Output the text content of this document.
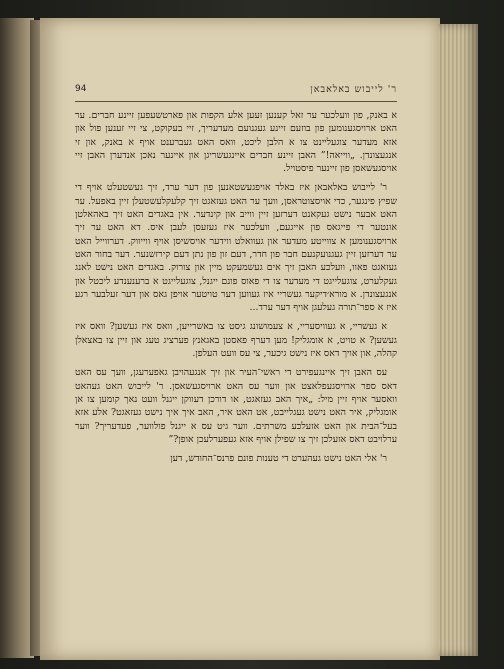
94	ר' לייבוש באלאבאן

א באנק, פון וועלכער ער זאל קענען זעען אלע הקפות און פארטשעפען זיינע חברים. ער האט ארויסגענומען פון בוזעם זיינע געגנועם מעדעריך, זיי בעקוקט, צי זיי זענען פול און אזא מעדער צוגעליינט צו א הלבן ליכט, וואס האט געברענט אויף א באנק, און זי אנגעצונדן. „ווייאה!” האבן זיינע חברים איינגעשריגן און איינער נאכן אנדערן האבן זיי אויסגעשאסן פון זיינער פיסטויל.

ר' לייבוש באלאבאן איז באלד אויפגעשטאנען פון דער ערד, זיך געשטעלט אויף די שפיץ פינגער, כדי אויסצוטראסן, וועך ער האט געזאגט זיך קלעקלעשטעלן זיין באפעל. ער האט אבער נישט געקאנט דערזען זיין ווייב און קינדער. אין באגדים האט זיך באהאלטן אונטער די פייגאס פון אייגעם, וועלכער איז געזעסן לעבן איס. דא האט ער זיך ארויסגענומען א צווייטע מעדער און געוואלט ווידער אויסשיסן אויף ווייווק. דערווייל האט ער דערזען זיין געגנועקנעם חבר פון חדר, דעם זון פון נתן דעם קירזשנער. דער בחור האט געזאגט פאוו, וועלכע האבן זיך אים געשמעקט מיין און צורוק. באגדים האט נישט לאנג געקלערט, צוגעלייגט די מעדער צו די פאוס פונם ייגנל, צוגעלייגט א ברענענדע ליכטל און אנגעצונדן. א מורא׳דיקער געשריי איז געווען דער טויטער אויפן גאס און דער זעלבער רגע איז א ספר־תורה געלעגן אויף דער ערד...

א געשריי, א געוויסעריי, א צעמושונג גיסט צו באשרייען, וואס איז געשען? וואס איז געשען? א טויט, א אומגליק! מען דערף פאסטן באגאנץ פערציג טעג און זיין צו באצאלן קהלה, און אויך דאס איז נישט גיכער, צי עס וועט העלפן.

עס האבן זיך איינגעפירט די ראשי־העיר און זיך אנגעהויבן גאפערעגן, וועך עס האט דאס ספר ארויסגעפלאצט און ווער עס האט ארויסגעשאסן. ר' לייבוש האט געהאט וואסער אויף זיין מיל: „איך האב געזאגט, או דורכן דעווקן ייגנל וועט נאך קומען צו אן אומגליק, איר האט נישט געגלייבט, אט האט איר, האב איך איך נישט געזאגט? אלע אזא בעל־הבית און האט אזעלכע משרתים. ווער גיט עס א ייגנל פולווער, פעדעריך? ווער ערלויבט דאס אזעלכן זיך צו שפילן אויף אזא געפערלעכן אופן?”

ר' אלי האט נישט געהערט די טענות פונם פרנס־החודש, דען
